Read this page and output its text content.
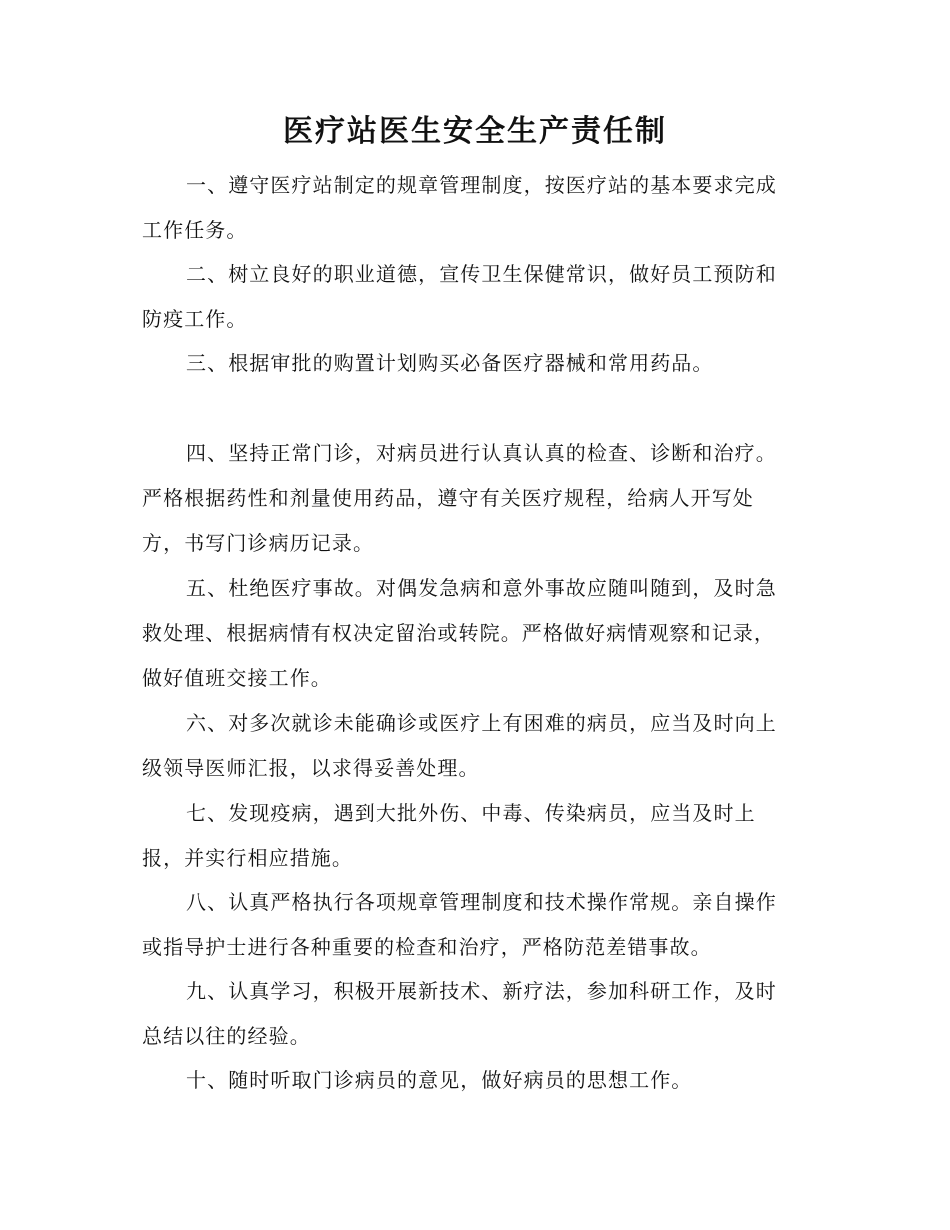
医疗站医生安全生产责任制

一、遵守医疗站制定的规章管理制度，按医疗站的基本要求完成工作任务。

二、树立良好的职业道德，宣传卫生保健常识，做好员工预防和防疫工作。

三、根据审批的购置计划购买必备医疗器械和常用药品。

四、坚持正常门诊，对病员进行认真认真的检查、诊断和治疗。严格根据药性和剂量使用药品，遵守有关医疗规程，给病人开写处方，书写门诊病历记录。

五、杜绝医疗事故。对偶发急病和意外事故应随叫随到，及时急救处理、根据病情有权决定留治或转院。严格做好病情观察和记录，做好值班交接工作。

六、对多次就诊未能确诊或医疗上有困难的病员，应当及时向上级领导医师汇报，以求得妥善处理。

七、发现疫病，遇到大批外伤、中毒、传染病员，应当及时上报，并实行相应措施。

八、认真严格执行各项规章管理制度和技术操作常规。亲自操作或指导护士进行各种重要的检查和治疗，严格防范差错事故。

九、认真学习，积极开展新技术、新疗法，参加科研工作，及时总结以往的经验。

十、随时听取门诊病员的意见，做好病员的思想工作。
